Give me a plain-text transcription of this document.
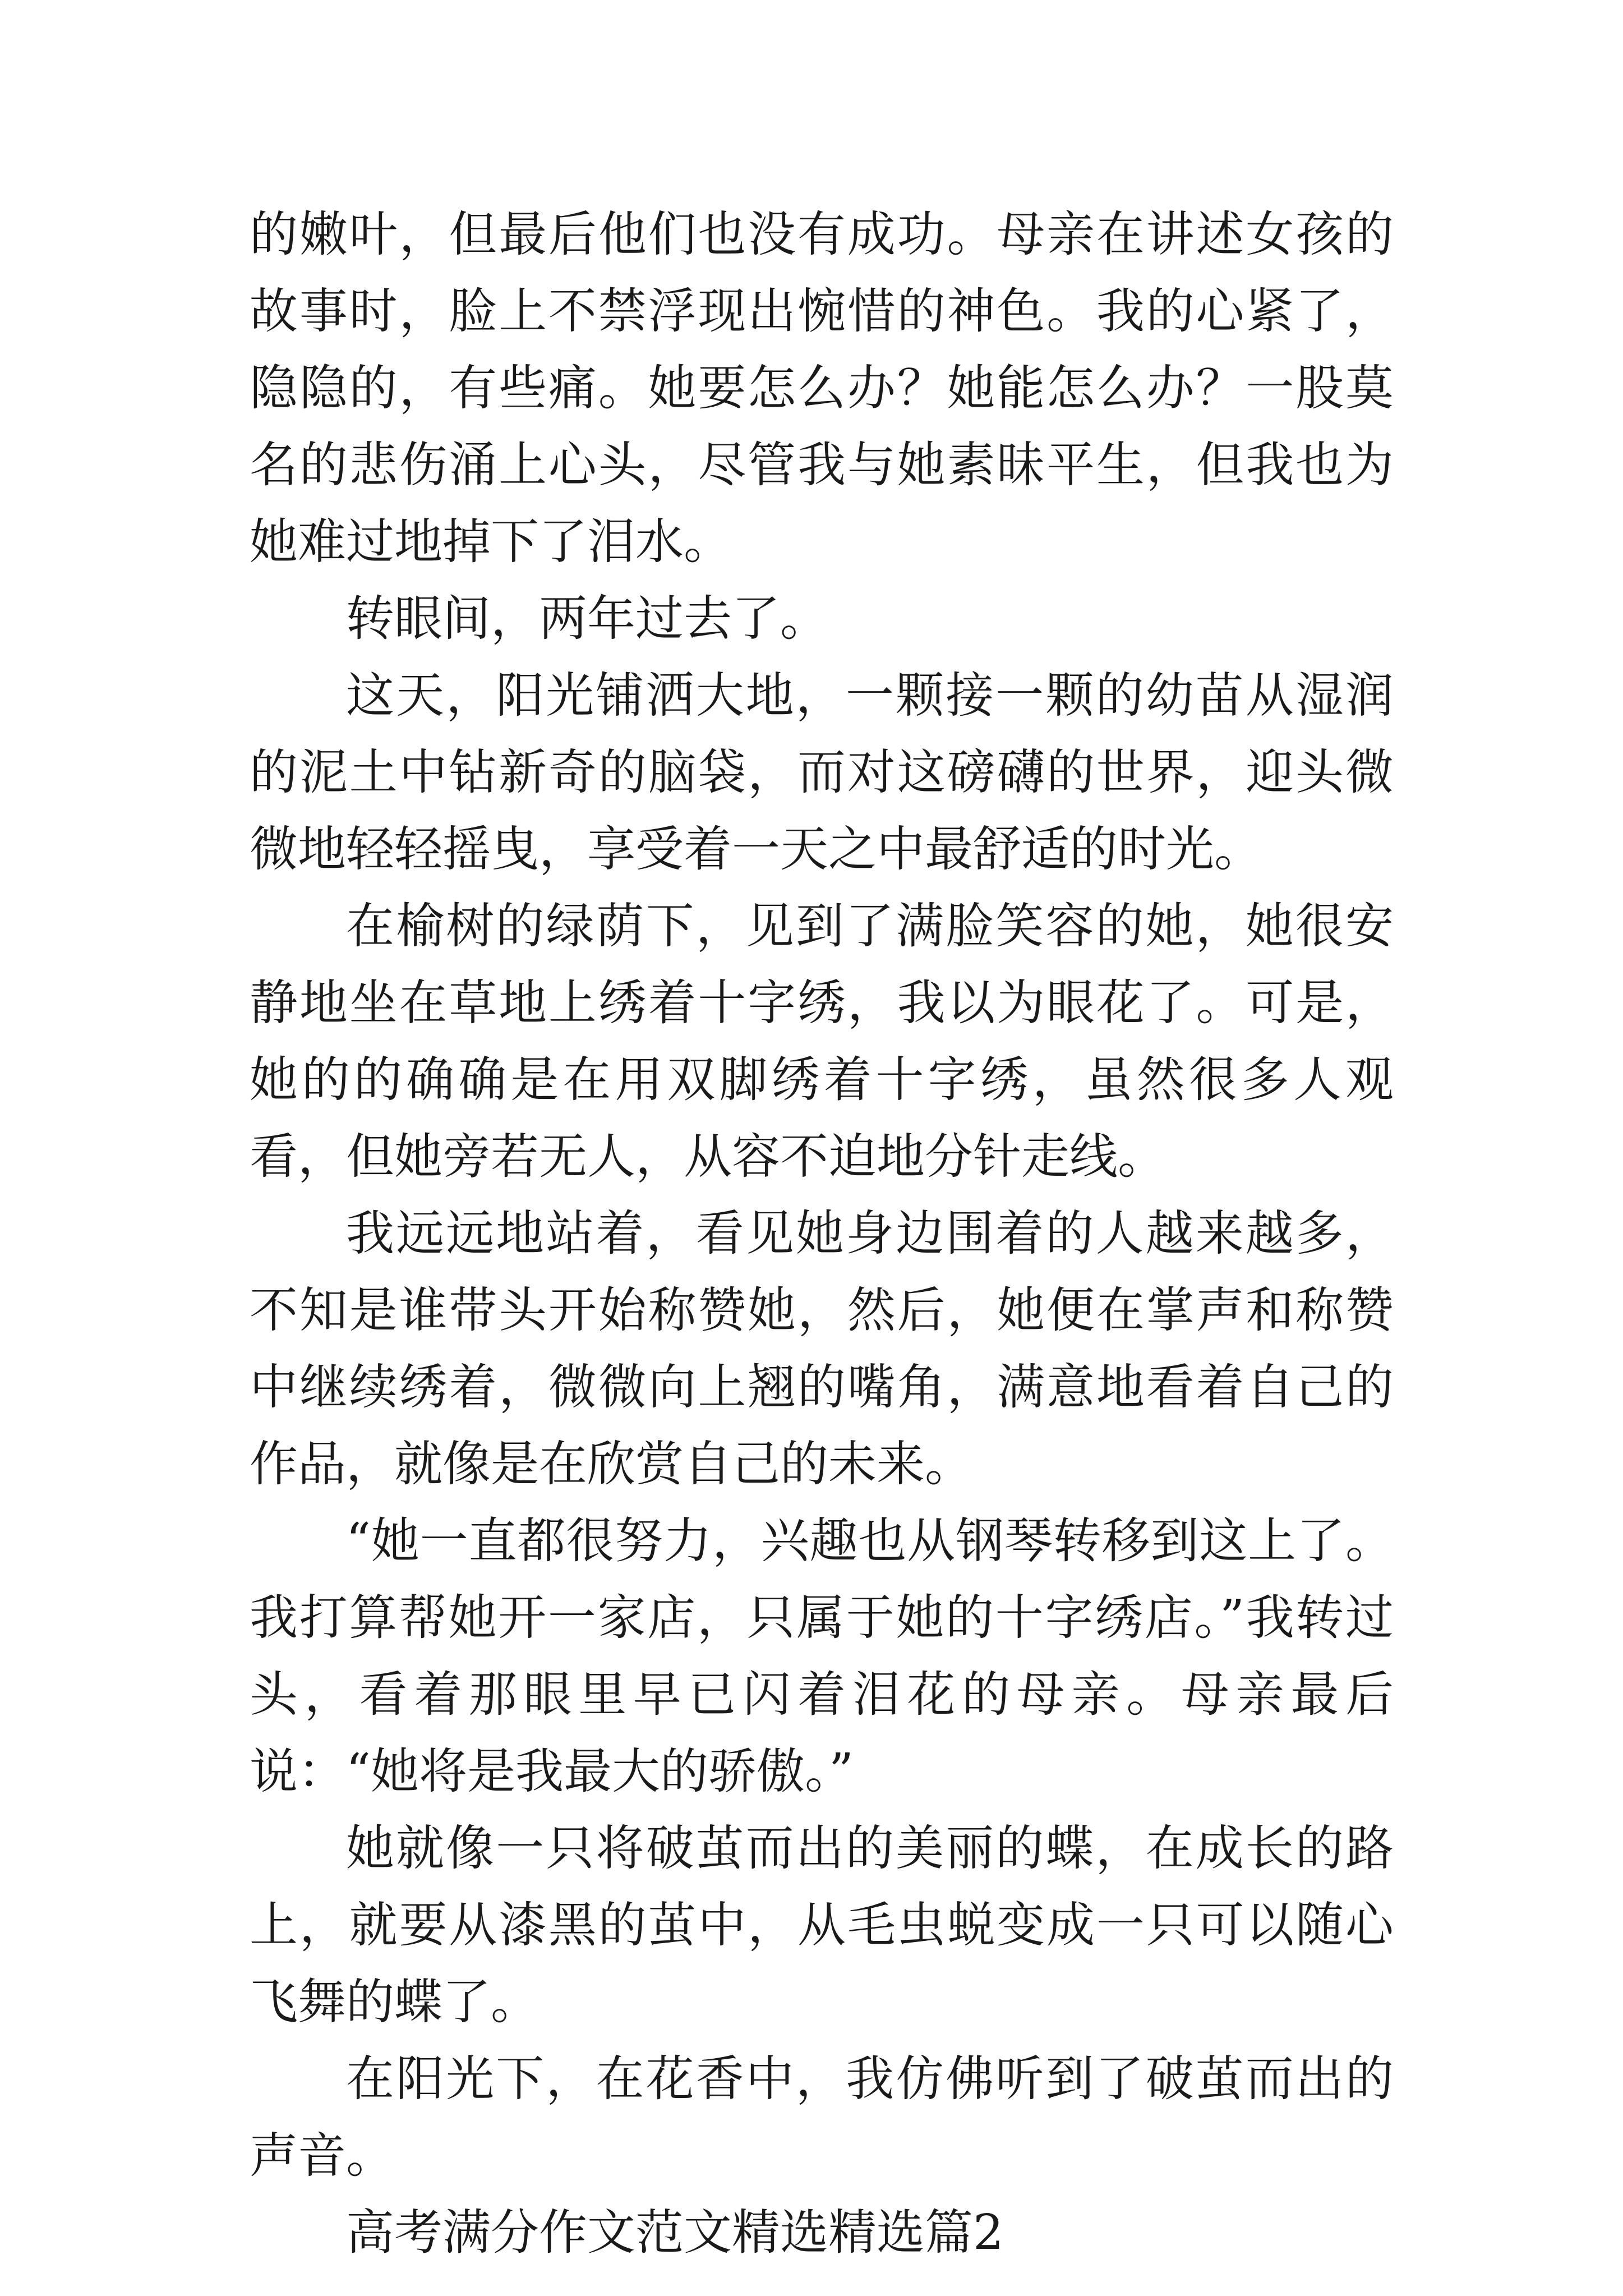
的嫩叶，但最后他们也没有成功。母亲在讲述女孩的故事时，脸上不禁浮现出惋惜的神色。我的心紧了，隐隐的，有些痛。她要怎么办？她能怎么办？一股莫名的悲伤涌上心头，尽管我与她素昧平生，但我也为她难过地掉下了泪水。

转眼间，两年过去了。

这天，阳光铺洒大地，一颗接一颗的幼苗从湿润的泥土中钻新奇的脑袋，而对这磅礴的世界，迎头微微地轻轻摇曳，享受着一天之中最舒适的时光。

在榆树的绿荫下，见到了满脸笑容的她，她很安静地坐在草地上绣着十字绣，我以为眼花了。可是，她的的确确是在用双脚绣着十字绣，虽然很多人观看，但她旁若无人，从容不迫地分针走线。

我远远地站着，看见她身边围着的人越来越多，不知是谁带头开始称赞她，然后，她便在掌声和称赞中继续绣着，微微向上翘的嘴角，满意地看着自己的作品，就像是在欣赏自己的未来。

“她一直都很努力，兴趣也从钢琴转移到这上了。我打算帮她开一家店，只属于她的十字绣店。”我转过头，看着那眼里早已闪着泪花的母亲。母亲最后说：“她将是我最大的骄傲。”

她就像一只将破茧而出的美丽的蝶，在成长的路上，就要从漆黑的茧中，从毛虫蜕变成一只可以随心飞舞的蝶了。

在阳光下，在花香中，我仿佛听到了破茧而出的声音。

高考满分作文范文精选精选篇2
